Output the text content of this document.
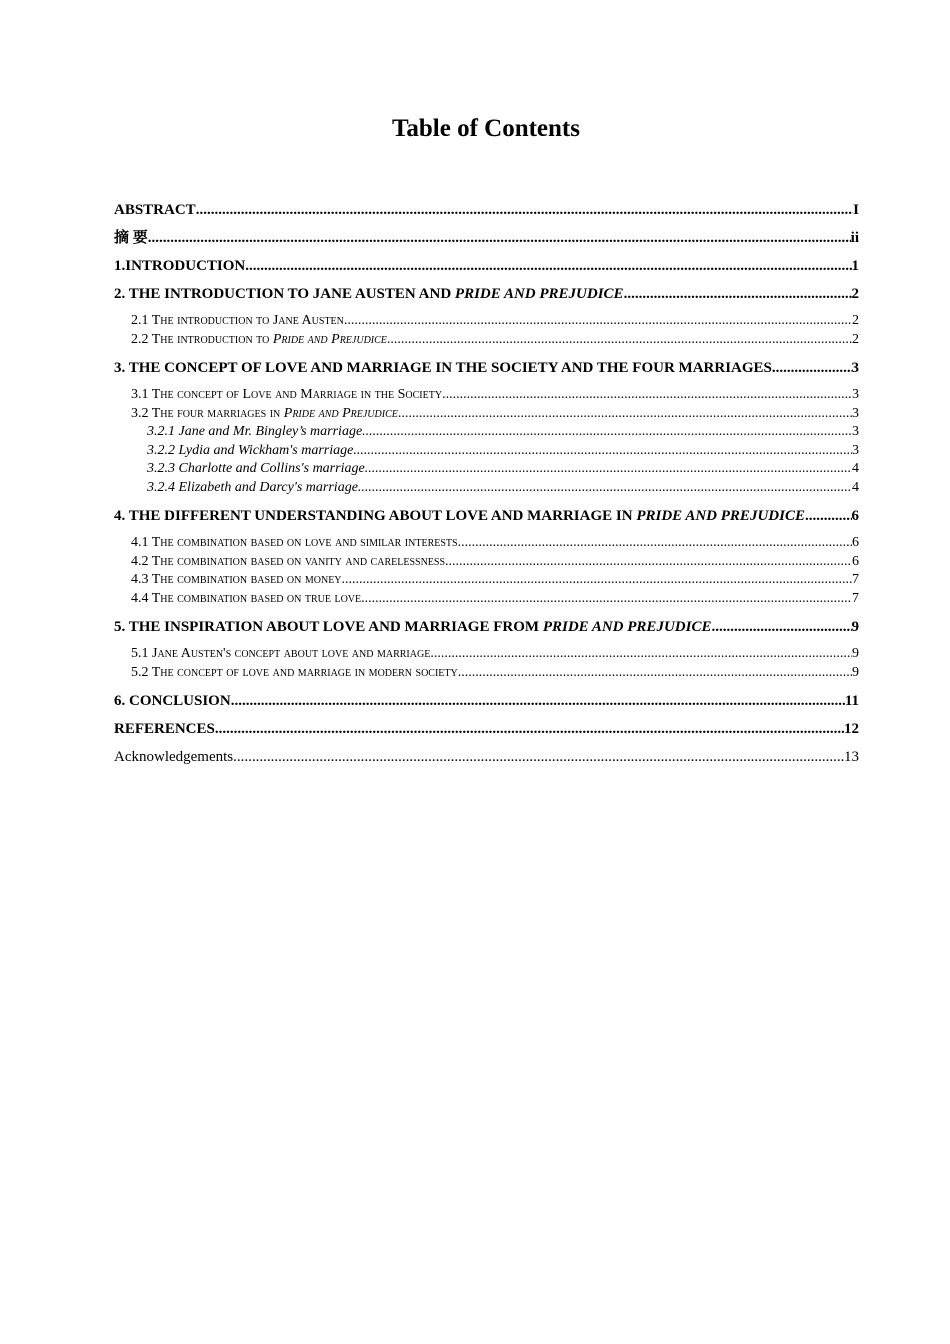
Table of Contents
ABSTRACT .....	I
摘 要 .....	ii
1.INTRODUCTION .....	1
2. THE INTRODUCTION TO JANE AUSTEN AND PRIDE AND PREJUDICE .....	2
2.1 The introduction to Jane Austen .....	2
2.2 The introduction to Pride and Prejudice .....	2
3. THE CONCEPT OF LOVE AND MARRIAGE IN THE SOCIETY AND THE FOUR MARRIAGES .....	3
3.1 The concept of Love and Marriage in the Society .....	3
3.2 The four marriages in Pride and Prejudice .....	3
3.2.1 Jane and Mr. Bingley’s marriage .....	3
3.2.2 Lydia and Wickham's marriage .....	3
3.2.3 Charlotte and Collins's marriage .....	4
3.2.4 Elizabeth and Darcy's marriage .....	4
4. THE DIFFERENT UNDERSTANDING ABOUT LOVE AND MARRIAGE IN PRIDE AND PREJUDICE .....	6
4.1 The combination based on love and similar interests .....	6
4.2 The combination based on vanity and carelessness .....	6
4.3 The combination based on money .....	7
4.4 The combination based on true love .....	7
5. THE INSPIRATION ABOUT LOVE AND MARRIAGE FROM PRIDE AND PREJUDICE .....	9
5.1 Jane Austen's concept about love and marriage .....	9
5.2 The concept of love and marriage in modern society .....	9
6. CONCLUSION .....	11
REFERENCES .....	12
Acknowledgements .....	13
